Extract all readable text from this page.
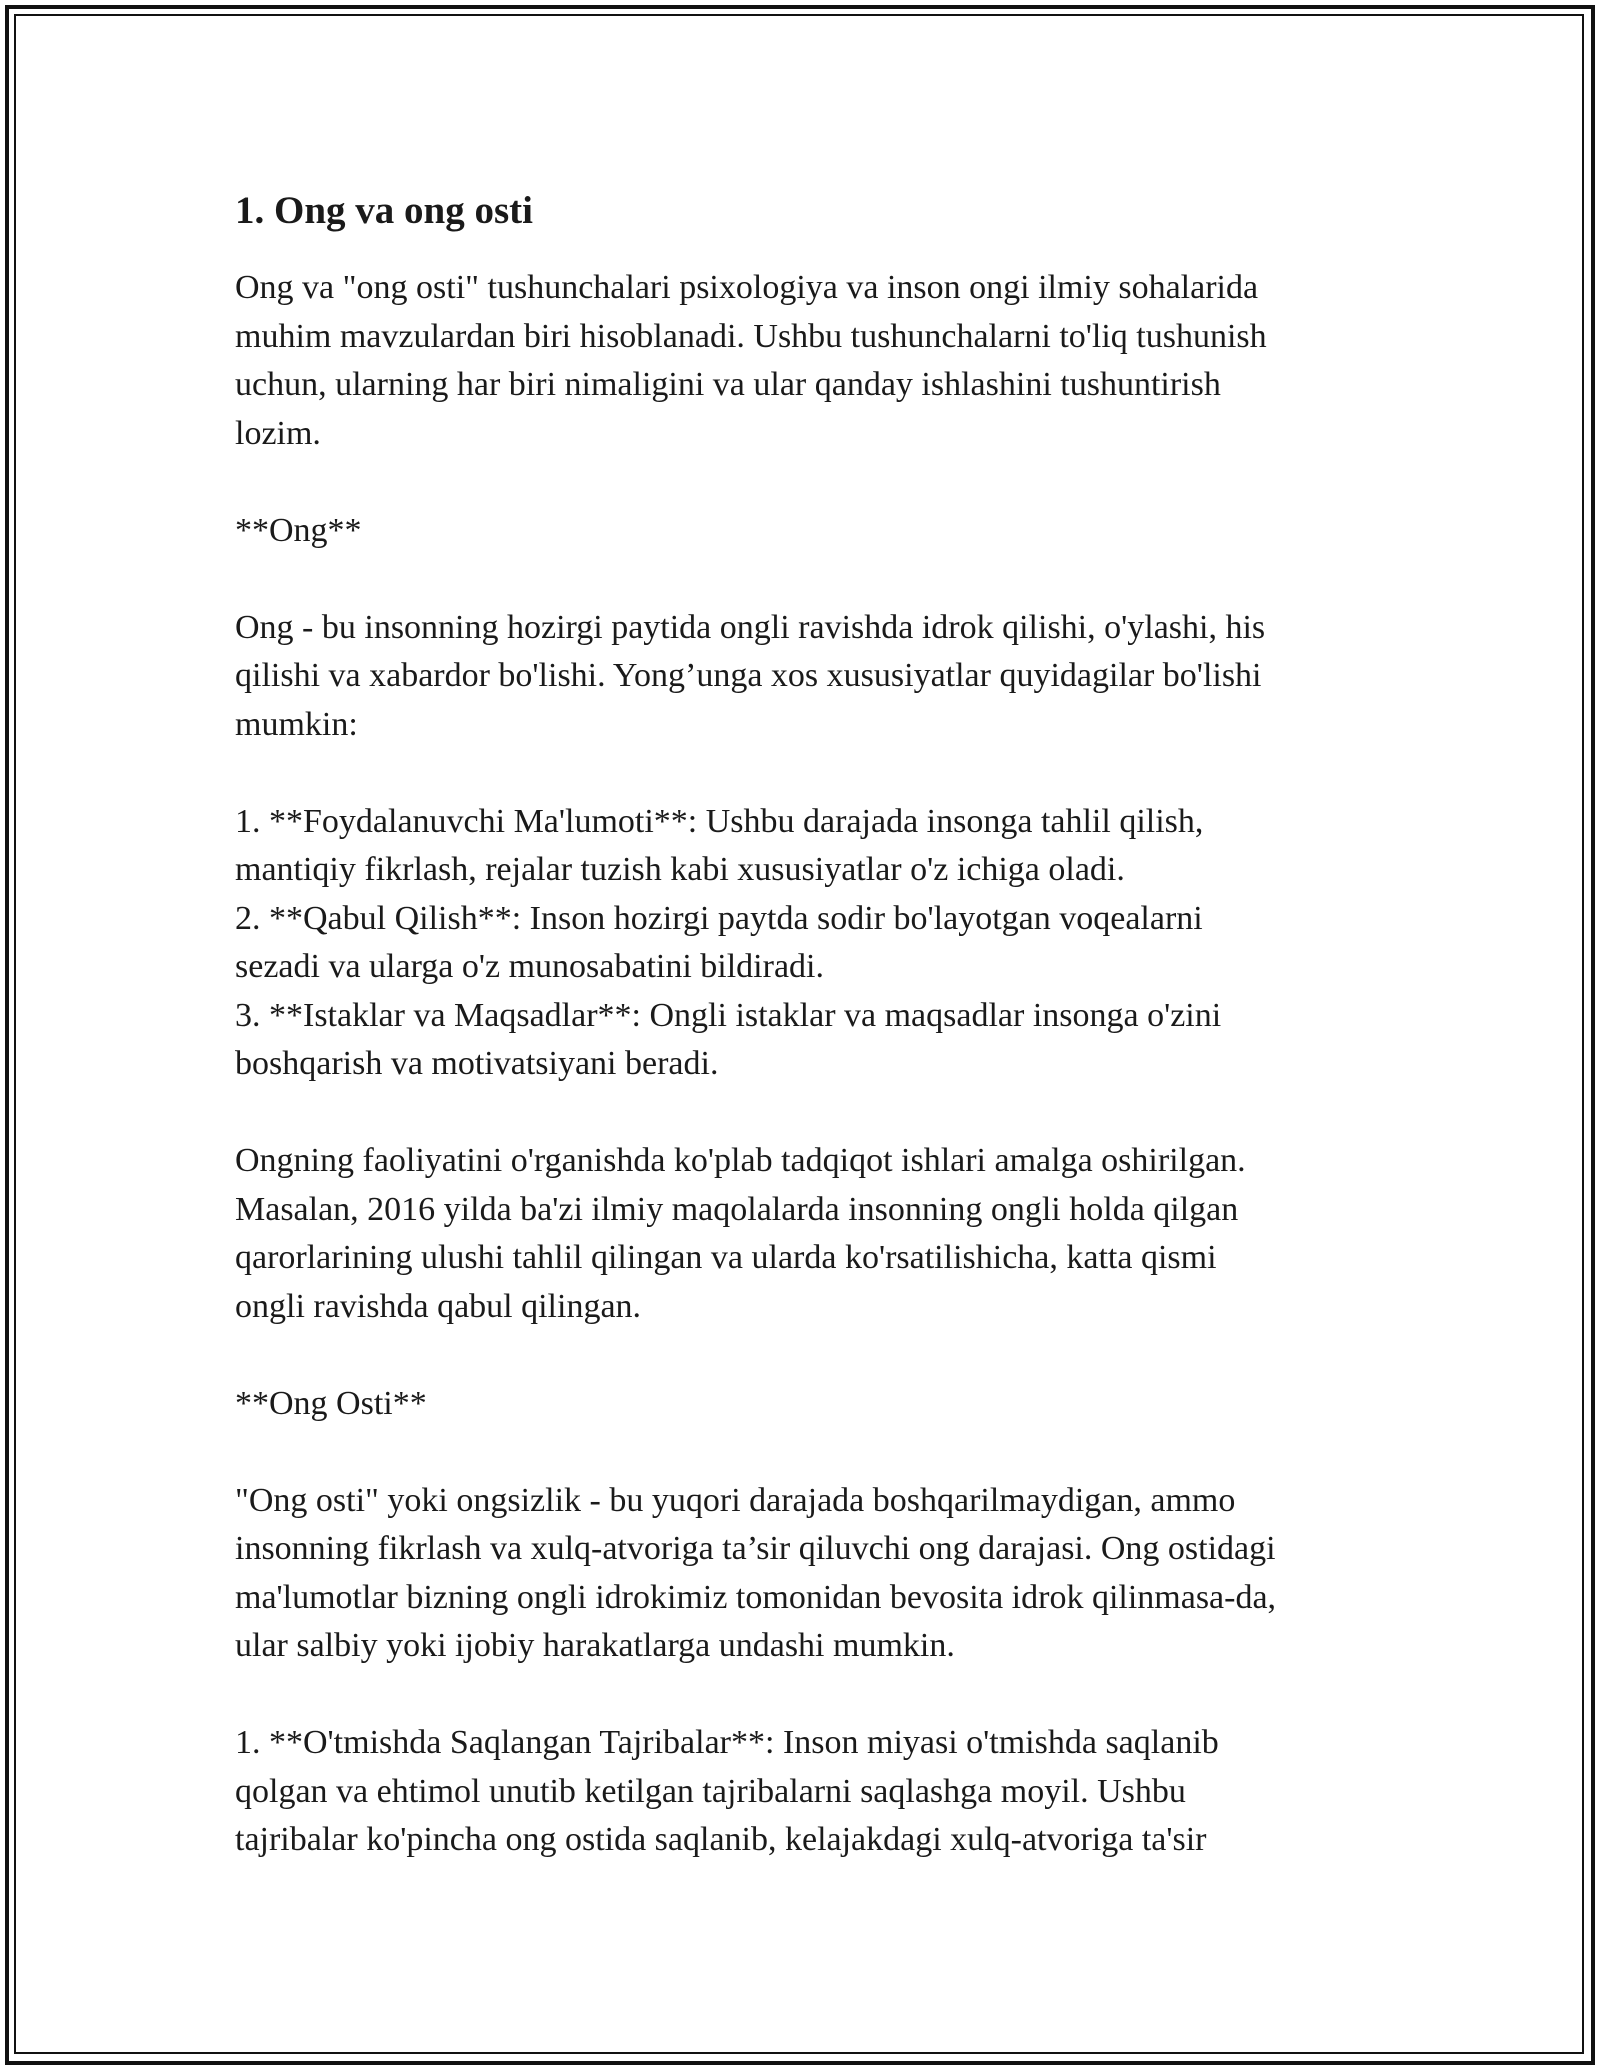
1. Ong va ong osti

Ong va "ong osti" tushunchalari psixologiya va inson ongi ilmiy sohalarida
muhim mavzulardan biri hisoblanadi. Ushbu tushunchalarni to'liq tushunish
uchun, ularning har biri nimaligini va ular qanday ishlashini tushuntirish
lozim.

**Ong**

Ong - bu insonning hozirgi paytida ongli ravishda idrok qilishi, o'ylashi, his
qilishi va xabardor bo'lishi. Yong’unga xos xususiyatlar quyidagilar bo'lishi
mumkin:

1. **Foydalanuvchi Ma'lumoti**: Ushbu darajada insonga tahlil qilish,
mantiqiy fikrlash, rejalar tuzish kabi xususiyatlar o'z ichiga oladi.
2. **Qabul Qilish**: Inson hozirgi paytda sodir bo'layotgan voqealarni
sezadi va ularga o'z munosabatini bildiradi.
3. **Istaklar va Maqsadlar**: Ongli istaklar va maqsadlar insonga o'zini
boshqarish va motivatsiyani beradi.

Ongning faoliyatini o'rganishda ko'plab tadqiqot ishlari amalga oshirilgan.
Masalan, 2016 yilda ba'zi ilmiy maqolalarda insonning ongli holda qilgan
qarorlarining ulushi tahlil qilingan va ularda ko'rsatilishicha, katta qismi
ongli ravishda qabul qilingan.

**Ong Osti**

"Ong osti" yoki ongsizlik - bu yuqori darajada boshqarilmaydigan, ammo
insonning fikrlash va xulq-atvoriga ta’sir qiluvchi ong darajasi. Ong ostidagi
ma'lumotlar bizning ongli idrokimiz tomonidan bevosita idrok qilinmasa-da,
ular salbiy yoki ijobiy harakatlarga undashi mumkin.

1. **O'tmishda Saqlangan Tajribalar**: Inson miyasi o'tmishda saqlanib
qolgan va ehtimol unutib ketilgan tajribalarni saqlashga moyil. Ushbu
tajribalar ko'pincha ong ostida saqlanib, kelajakdagi xulq-atvoriga ta'sir
